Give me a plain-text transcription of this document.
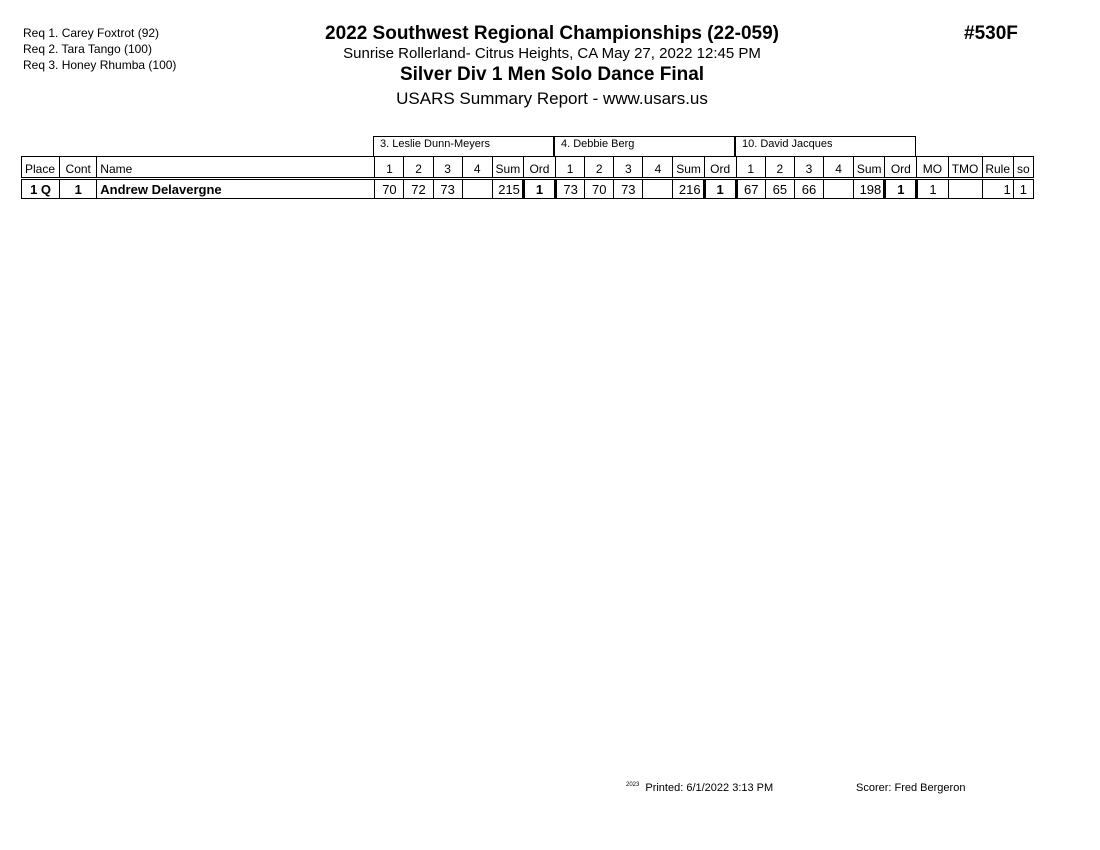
Req 1. Carey Foxtrot (92)
Req 2. Tara Tango (100)
Req 3. Honey Rhumba (100)
2022 Southwest Regional Championships (22-059)
Sunrise Rollerland- Citrus Heights, CA May 27, 2022 12:45 PM
Silver Div 1 Men Solo Dance Final
USARS Summary Report - www.usars.us
#530F
3. Leslie Dunn-Meyers	4. Debbie Berg	10. David Jacques
Place	Cont	Name	1	2	3	4	Sum	Ord	1	2	3	4	Sum	Ord	1	2	3	4	Sum	Ord	MO	TMO	Rule	so
1 Q	1	Andrew Delavergne	70	72	73		215	1	73	70	73		216	1	67	65	66		198	1	1		1	1
$^{2023}$ Printed: 6/1/2022 3:13 PM	Scorer: Fred Bergeron
